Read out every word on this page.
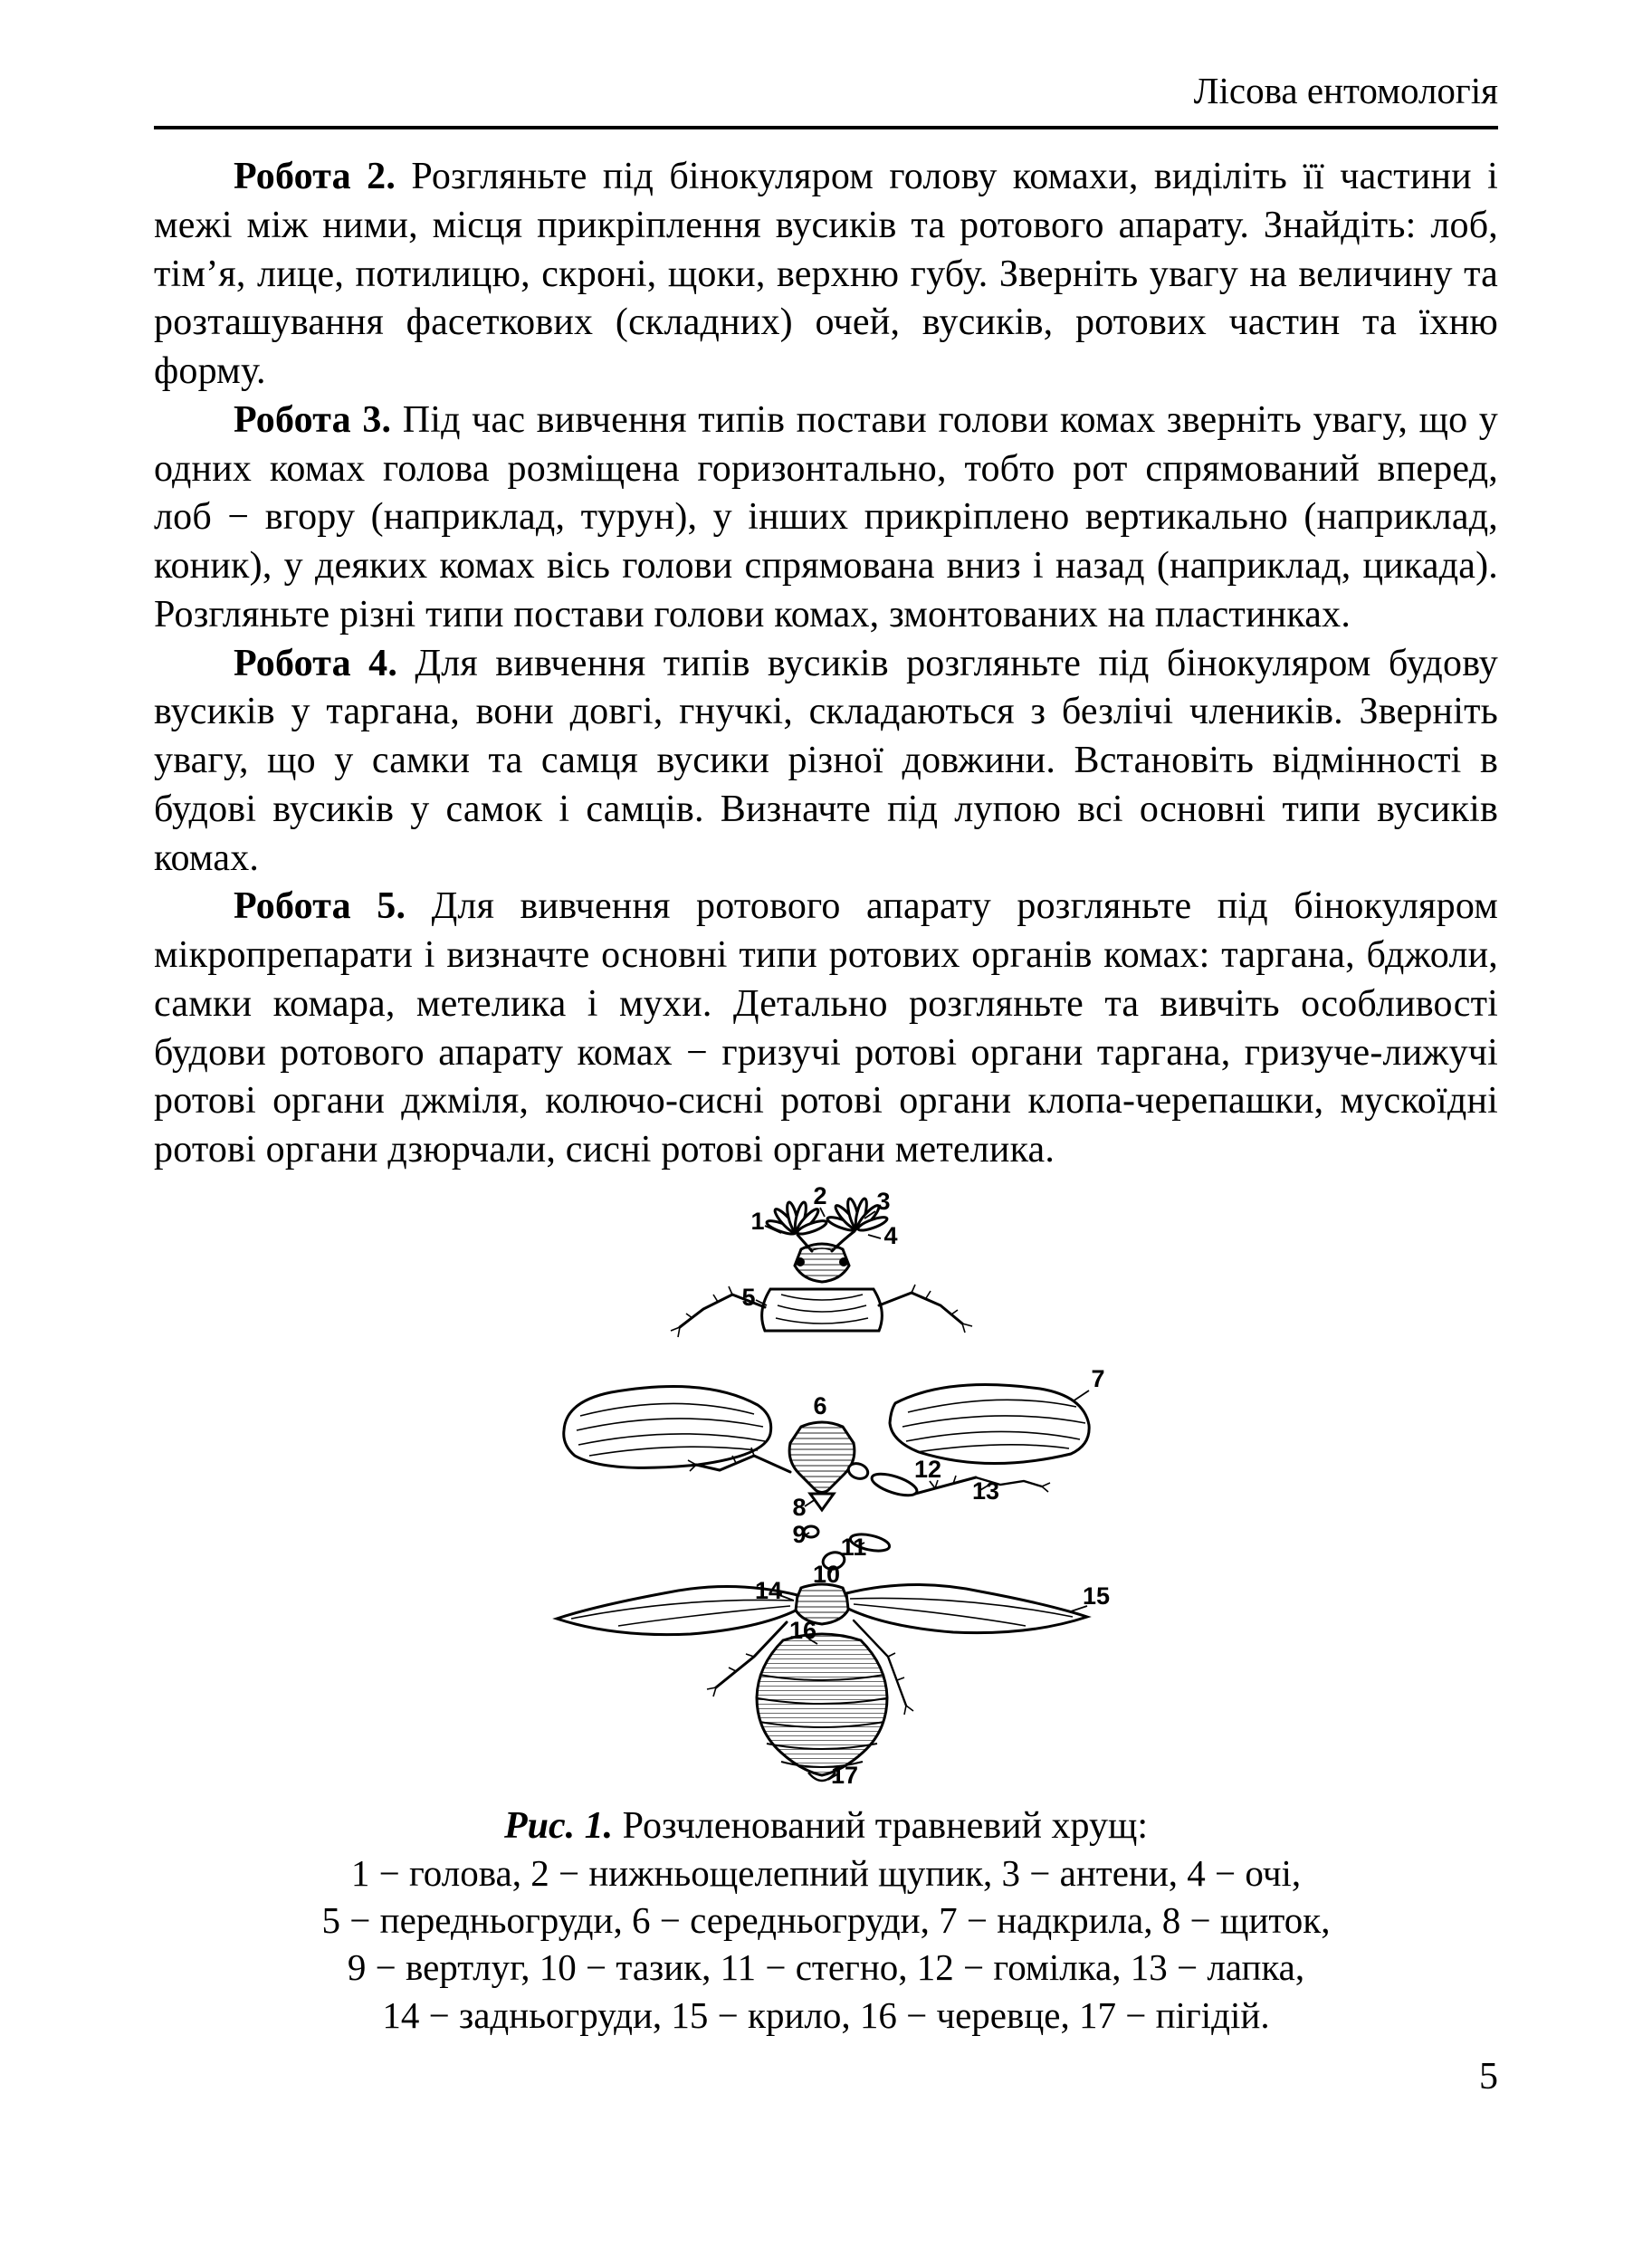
Лісова ентомологія

Робота 2. Розгляньте під бінокуляром голову комахи, виділіть її частини і межі між ними, місця прикріплення вусиків та ротового апарату. Знайдіть: лоб, тім’я, лице, потилицю, скроні, щоки, верхню губу. Зверніть увагу на величину та розташування фасеткових (складних) очей, вусиків, ротових частин та їхню форму.

Робота 3. Під час вивчення типів постави голови комах зверніть увагу, що у одних комах голова розміщена горизонтально, тобто рот спрямований вперед, лоб − вгору (наприклад, турун), у інших прикріплено вертикально (наприклад, коник), у деяких комах вісь голови спрямована вниз і назад (наприклад, цикада). Розгляньте різні типи постави голови комах, змонтованих на пластинках.

Робота 4. Для вивчення типів вусиків розгляньте під бінокуляром будову вусиків у таргана, вони довгі, гнучкі, складаються з безлічі члеників. Зверніть увагу, що у самки та самця вусики різної довжини. Встановіть відмінності в будові вусиків у самок і самців. Визначте під лупою всі основні типи вусиків комах.

Робота 5. Для вивчення ротового апарату розгляньте під бінокуляром мікропрепарати і визначте основні типи ротових органів комах: таргана, бджоли, самки комара, метелика і мухи. Детально розгляньте та вивчіть особливості будови ротового апарату комах − гризучі ротові органи таргана, гризуче-лижучі ротові органи джміля, колючо-сисні ротові органи клопа-черепашки, мускоїдні ротові органи дзюрчали, сисні ротові органи метелика.

1
2 3
4
5
6
7
8
9
10
11
12
13
14	15
16
17
Рис. 1. Розчленований травневий хрущ:
1 − голова, 2 − нижньощелепний щупик, 3 − антени, 4 − очі,
5 − передньогруди, 6 − середньогруди, 7 − надкрила, 8 − щиток,
9 − вертлуг, 10 − тазик, 11 − стегно, 12 − гомілка, 13 − лапка,
14 − задньогруди, 15 − крило, 16 − черевце, 17 − пігідій.
5
